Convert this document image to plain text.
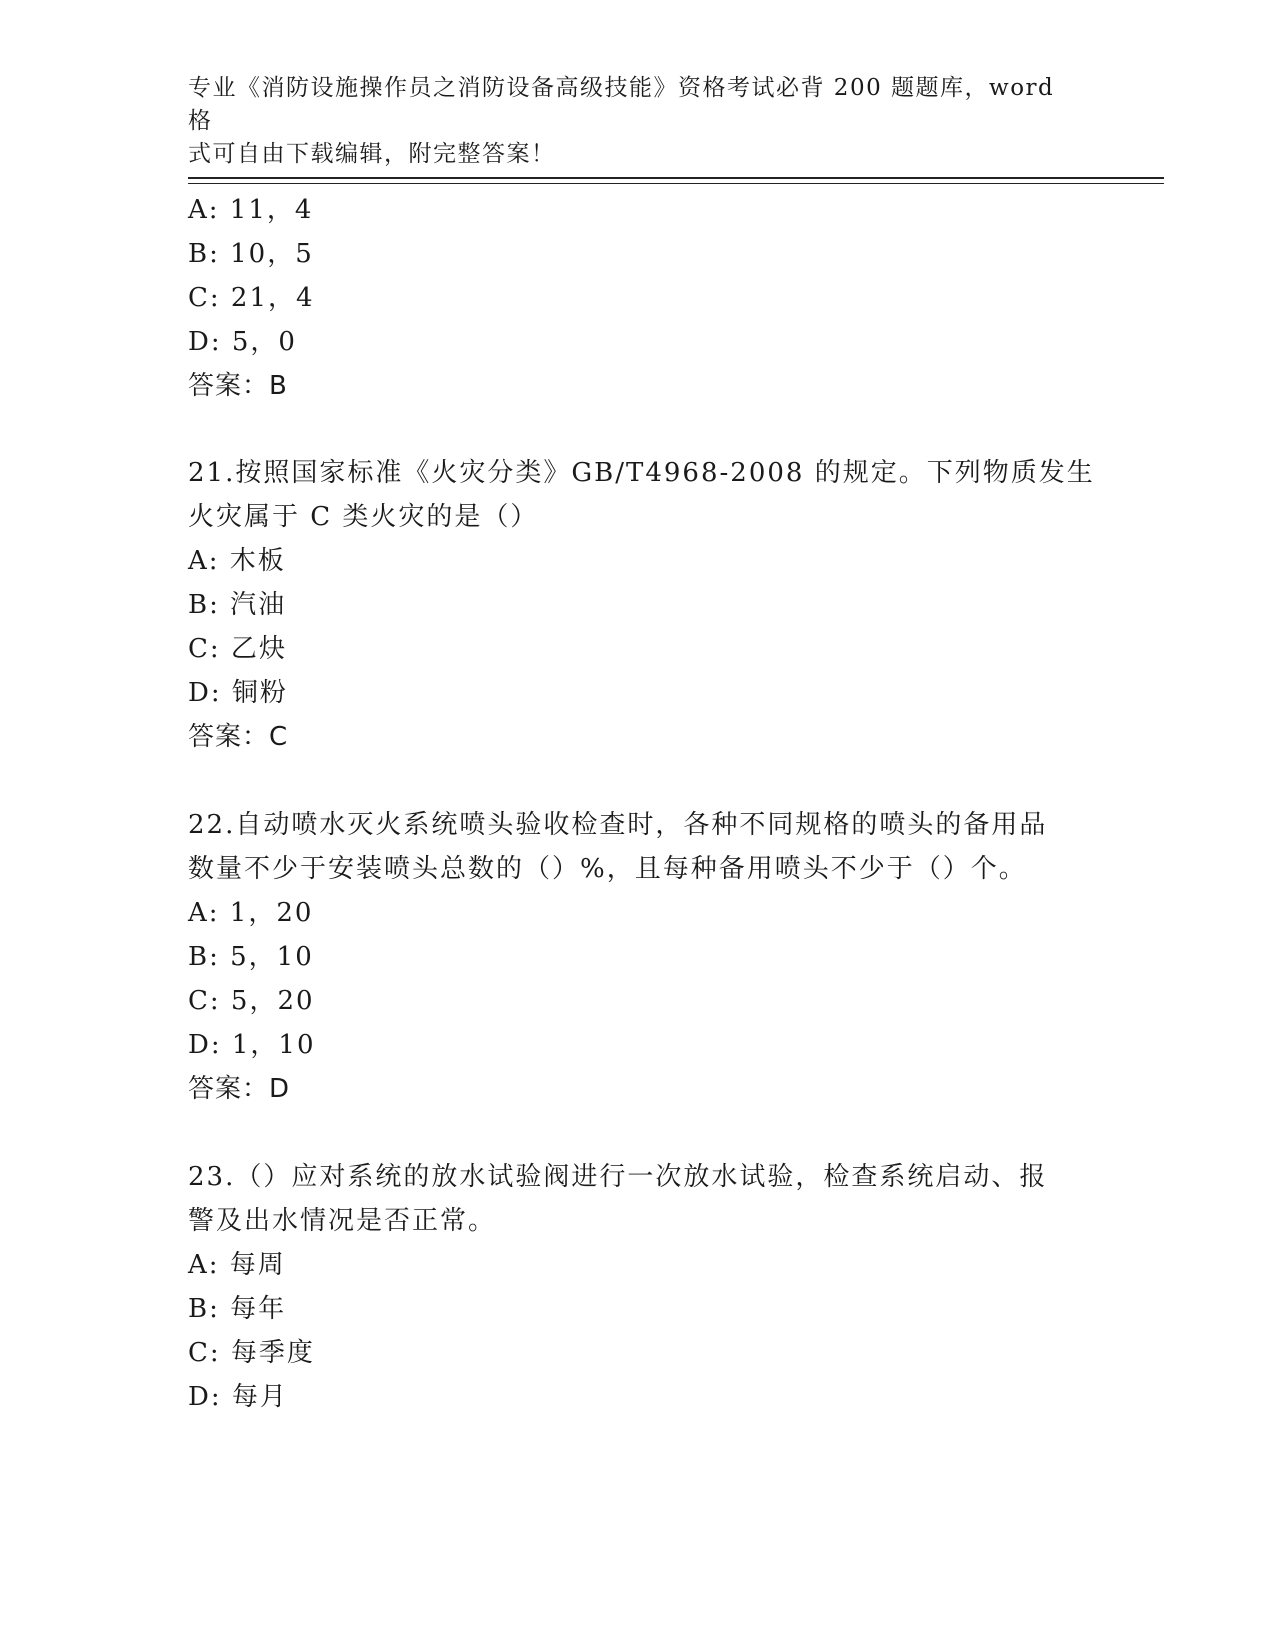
专业《消防设施操作员之消防设备高级技能》资格考试必背 200 题题库，word 格
式可自由下载编辑，附完整答案！
A: 11，4
B: 10，5
C: 21，4
D: 5，0
答案：B
21.按照国家标准《火灾分类》GB/T4968-2008 的规定。下列物质发生
火灾属于 C 类火灾的是（）
A: 木板
B: 汽油
C: 乙炔
D: 铜粉
答案：C
22.自动喷水灭火系统喷头验收检查时，各种不同规格的喷头的备用品
数量不少于安装喷头总数的（）%，且每种备用喷头不少于（）个。
A: 1，20
B: 5，10
C: 5，20
D: 1，10
答案：D
23.（）应对系统的放水试验阀进行一次放水试验，检查系统启动、报
警及出水情况是否正常。
A: 每周
B: 每年
C: 每季度
D: 每月
